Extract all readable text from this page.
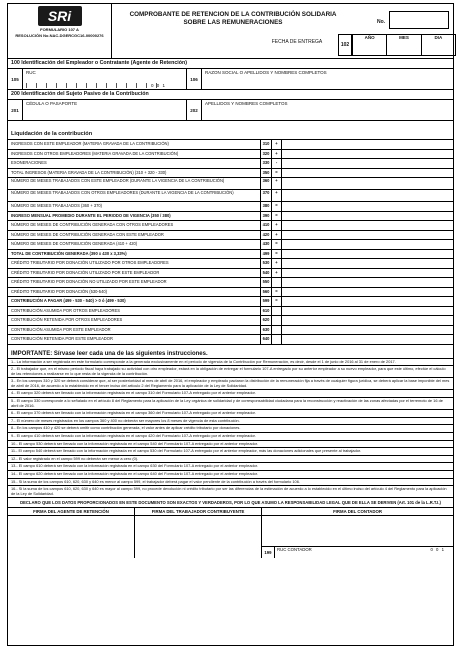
SRi
FORMULARIO 107 A
RESOLUCIÓN No.NAC-DGERCGC16-00000276
COMPROBANTE DE RETENCION DE LA CONTRIBUCIÓN SOLIDARIA SOBRE LAS REMUNERACIONES	No.
FECHA DE ENTREGA	102
AÑO	MES	DIA
100 Identificación del Empleador o Contratante (Agente de Retención)
105
RUC
0 0 1
106
RAZON SOCIAL O APELLIDOS Y NOMBRES COMPLETOS
200 Identificación del Sujeto Pasivo de la Contribución
201
CÉDULA O PASAPORTE
202
APELLIDOS Y NOMBRES COMPLETOS
Liquidación de la contribución
INGRESOS CON ESTE EMPLEADOR (MATERIA GRAVADA DE LA CONTRIBUCIÓN)	310	+
INGRESOS CON OTROS EMPLEADORES (MATERIA GRAVADA DE LA CONTRIBUCIÓN)	320	+
EXONERACIONES	330	-
TOTAL INGRESOS (MATERIA GRAVADA DE LA CONTRIBUCIÓN) (310 + 320 - 330)	350	=
NÚMERO DE MESES TRABAJADOS CON ESTE EMPLEADOR (DURANTE LA VIGENCIA DE LA CONTRIBUCIÓN)	360	+
NÚMERO DE MESES TRABAJADOS CON OTROS EMPLEADORES (DURANTE LA VIGENCIA DE LA CONTRIBUCIÓN)	370	+
NÚMERO DE MESES TRABAJADOS (360 + 370)	380	=
INGRESO MENSUAL PROMEDIO DURANTE EL PERIODO DE VIGENCIA (350 / 380)	390	=
NÚMERO DE MESES DE CONTRIBUCIÓN GENERADA CON OTROS EMPLEADORES	410	+
NÚMERO DE MESES DE CONTRIBUCIÓN GENERADA CON ESTE EMPLEADOR	420	+
NÚMERO DE MESES DE CONTRIBUCIÓN GENERADA (410 + 420)	430	=
TOTAL DE CONTRIBUCIÓN GENERADA (390 x 430 x 3,33%)	499	=
CRÉDITO TRIBUTARIO POR DONACIÓN UTILIZADO POR OTROS EMPLEADORES	530	+
CRÉDITO TRIBUTARIO POR DONACIÓN UTILIZADO POR ESTE EMPLEADOR	540	+
CRÉDITO TRIBUTARIO POR DONACIÓN NO UTILIZADO POR ESTE EMPLEADOR	550
CRÉDITO TRIBUTARIO POR DONACIÓN (530-540)	560	=
CONTRIBUCIÓN A PAGAR (499 - 530 - 540) > 0 ó (499 - 530)	599	=
CONTRIBUCIÓN ASUMIDA POR OTROS EMPLEADORES	610
CONTRIBUCIÓN RETENIDA POR OTROS EMPLEADORES	620
CONTRIBUCIÓN ASUMIDA POR ESTE EMPLEADOR	630
CONTRIBUCIÓN RETENIDA POR ESTE EMPLEADOR	640
IMPORTANTE: Sírvase leer cada una de las siguientes instrucciones.
1.- La información a ser registrada en este formulario corresponde a la generada exclusivamente en el período de vigencia de la Contribución por Remuneración, es decir, desde el 1 de junio de 2016 al 31 de enero de 2017.
2.- El trabajador que, en el mismo período fiscal haya trabajado su actividad con otro empleador, estará en la obligación de entregar el formulario 107-A entregado por su anterior empleador a su nuevo empleador, para que este último, efectúe el cálculo de las retenciones a realizarse en lo que resta de la vigencia de la contribución.
3.- En los campos 310 y 320 se deberá considerar que, al ser posterioridad al mes de abril de 2016, el empleador y empleado pactaron la distribución de la remuneración fija a través de cualquier figura jurídica, se deberá aplicar la base imponible del mes de abril de 2016, de acuerdo a lo establecido en el tercer inciso del artículo 2 del Reglamento para la aplicación de la Ley de Solidaridad.
4.- El campo 320 deberá ser llenado con la información registrada en el campo 310 del Formulario 107-A entregado por el anterior empleador.
5.- El campo 330 corresponde a lo señalado en el artículo 8 del Reglamento para la aplicación de la Ley orgánica de solidaridad y de corresponsabilidad ciudadana para la reconstrucción y reactivación de las zonas afectadas por el terremoto de 16 de abril de 2016.
6.- El campo 370 deberá ser llenado con la información registrada en el campo 360 del Formulario 107-A entregado por el anterior empleador.
7.- El número de meses registrados en los campos 360 y 400 no deberán ser mayores los 8 meses de vigencia de esta contribución.
8.- En los campos 410 y 420 se deberá omitir como contribución generada, el valor antes de aplicar crédito tributario por donaciones.
9.- El campo 410 deberá ser llenado con la información registrada en el campo 420 del Formulario 107-A entregado por el anterior empleador.
10.- El campo 530 deberá ser llenado con la información registrada en el campo 540 del Formulario 107-A entregado por el anterior empleador.
11.- El campo 540 deberá ser llenado con la información registrada en el campo 530 del Formulario 107-A entregado por el anterior empleador, más las donaciones adicionales que presente al trabajador.
12.- El valor registrado en el campo 599 no deberán ser menor a cero (0).
13.- El campo 610 deberá ser llenado con la información registrada en el campo 630 del Formulario 107-A entregado por el anterior empleador.
14.- El campo 620 deberá ser llenado con la información registrada en el campo 640 del Formulario 107-A entregado por el anterior empleador.
15.- Si la suma de los campos 610, 620, 630 y 640 es menor al campo 599, el trabajador deberá pagar el valor pendiente de la contribución a través del formulario 106.
16.- Si la suma de los campos 610, 620, 630 y 640 es mayor al campo 599, no procede devolución ni crédito tributario por ser las diferencias de la estimación de acuerdo a lo establecido en el último inciso del artículo 4 del Reglamento para la aplicación de la Ley de Solidaridad.
DECLARO QUE LOS DATOS PROPORCIONADOS EN ESTE DOCUMENTO SON EXACTOS Y VERDADEROS, POR LO QUE ASUMO LA RESPONSABILIDAD LEGAL QUE DE ELLA SE DERIVEN (Art. 101 de la L.R.T.I.)
FIRMA DEL AGENTE DE RETENCIÓN	FIRMA DEL TRABAJADOR CONTRIBUYENTE	FIRMA DEL CONTADOR
199
RUC CONTADOR	0 0 1
